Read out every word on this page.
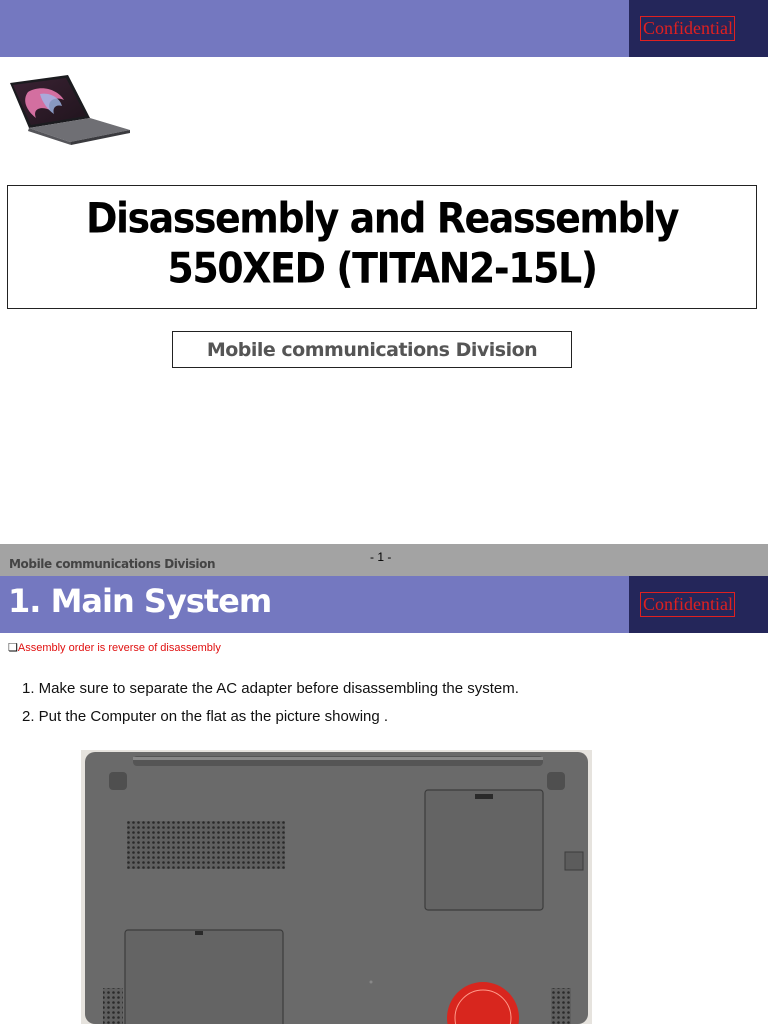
Confidential
Disassembly and Reassembly
550XED (TITAN2-15L)
Mobile communications Division
Mobile communications Division	- 1 -
1. Main System	Confidential
❏Assembly order is reverse of disassembly
1. Make sure to separate the AC adapter before disassembling the system.
2. Put the Computer on the flat as the picture showing .
